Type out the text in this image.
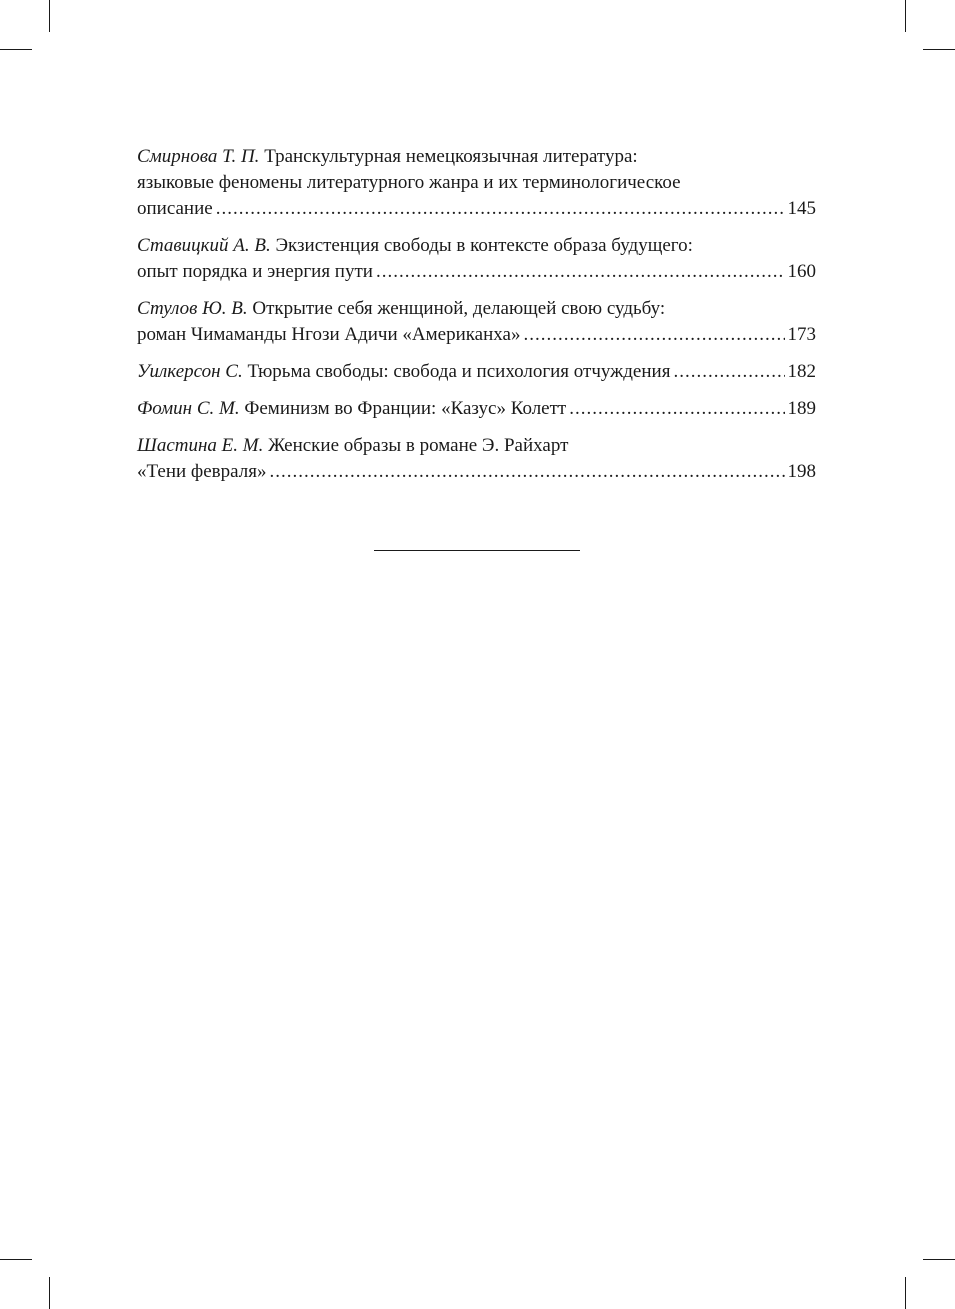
Смирнова Т. П.
Транскультурная немецкоязычная литература:
языковые феномены литературного жанра и их терминологическое
описание .....	145
Ставицкий А. В.
Экзистенция свободы в контексте образа будущего:
опыт порядка и энергия пути .....	160
Стулов Ю. В.
Открытие себя женщиной, делающей свою судьбу:
роман Чимаманды Нгози Адичи «Американха» .....	173
Уилкерсон С.
Тюрьма свободы: свобода и психология отчуждения .....	182
Фомин С. М.
Феминизм во Франции: «Казус» Колетт .....	189
Шастина Е. М.
Женские образы в романе Э. Райхарт
«Тени февраля» .....	198
